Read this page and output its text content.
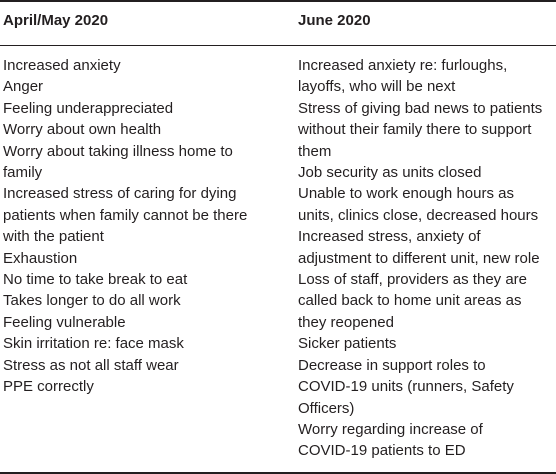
April/May 2020	June 2020
Increased anxiety
Anger
Feeling underappreciated
Worry about own health
Worry about taking illness home to
family
Increased stress of caring for dying
patients when family cannot be there
with the patient
Exhaustion
No time to take break to eat
Takes longer to do all work
Feeling vulnerable
Skin irritation re: face mask
Stress as not all staff wear
PPE correctly
Increased anxiety re: furloughs,
layoffs, who will be next
Stress of giving bad news to patients
without their family there to support
them
Job security as units closed
Unable to work enough hours as
units, clinics close, decreased hours
Increased stress, anxiety of
adjustment to different unit, new role
Loss of staff, providers as they are
called back to home unit areas as
they reopened
Sicker patients
Decrease in support roles to
COVID-19 units (runners, Safety
Officers)
Worry regarding increase of
COVID-19 patients to ED
